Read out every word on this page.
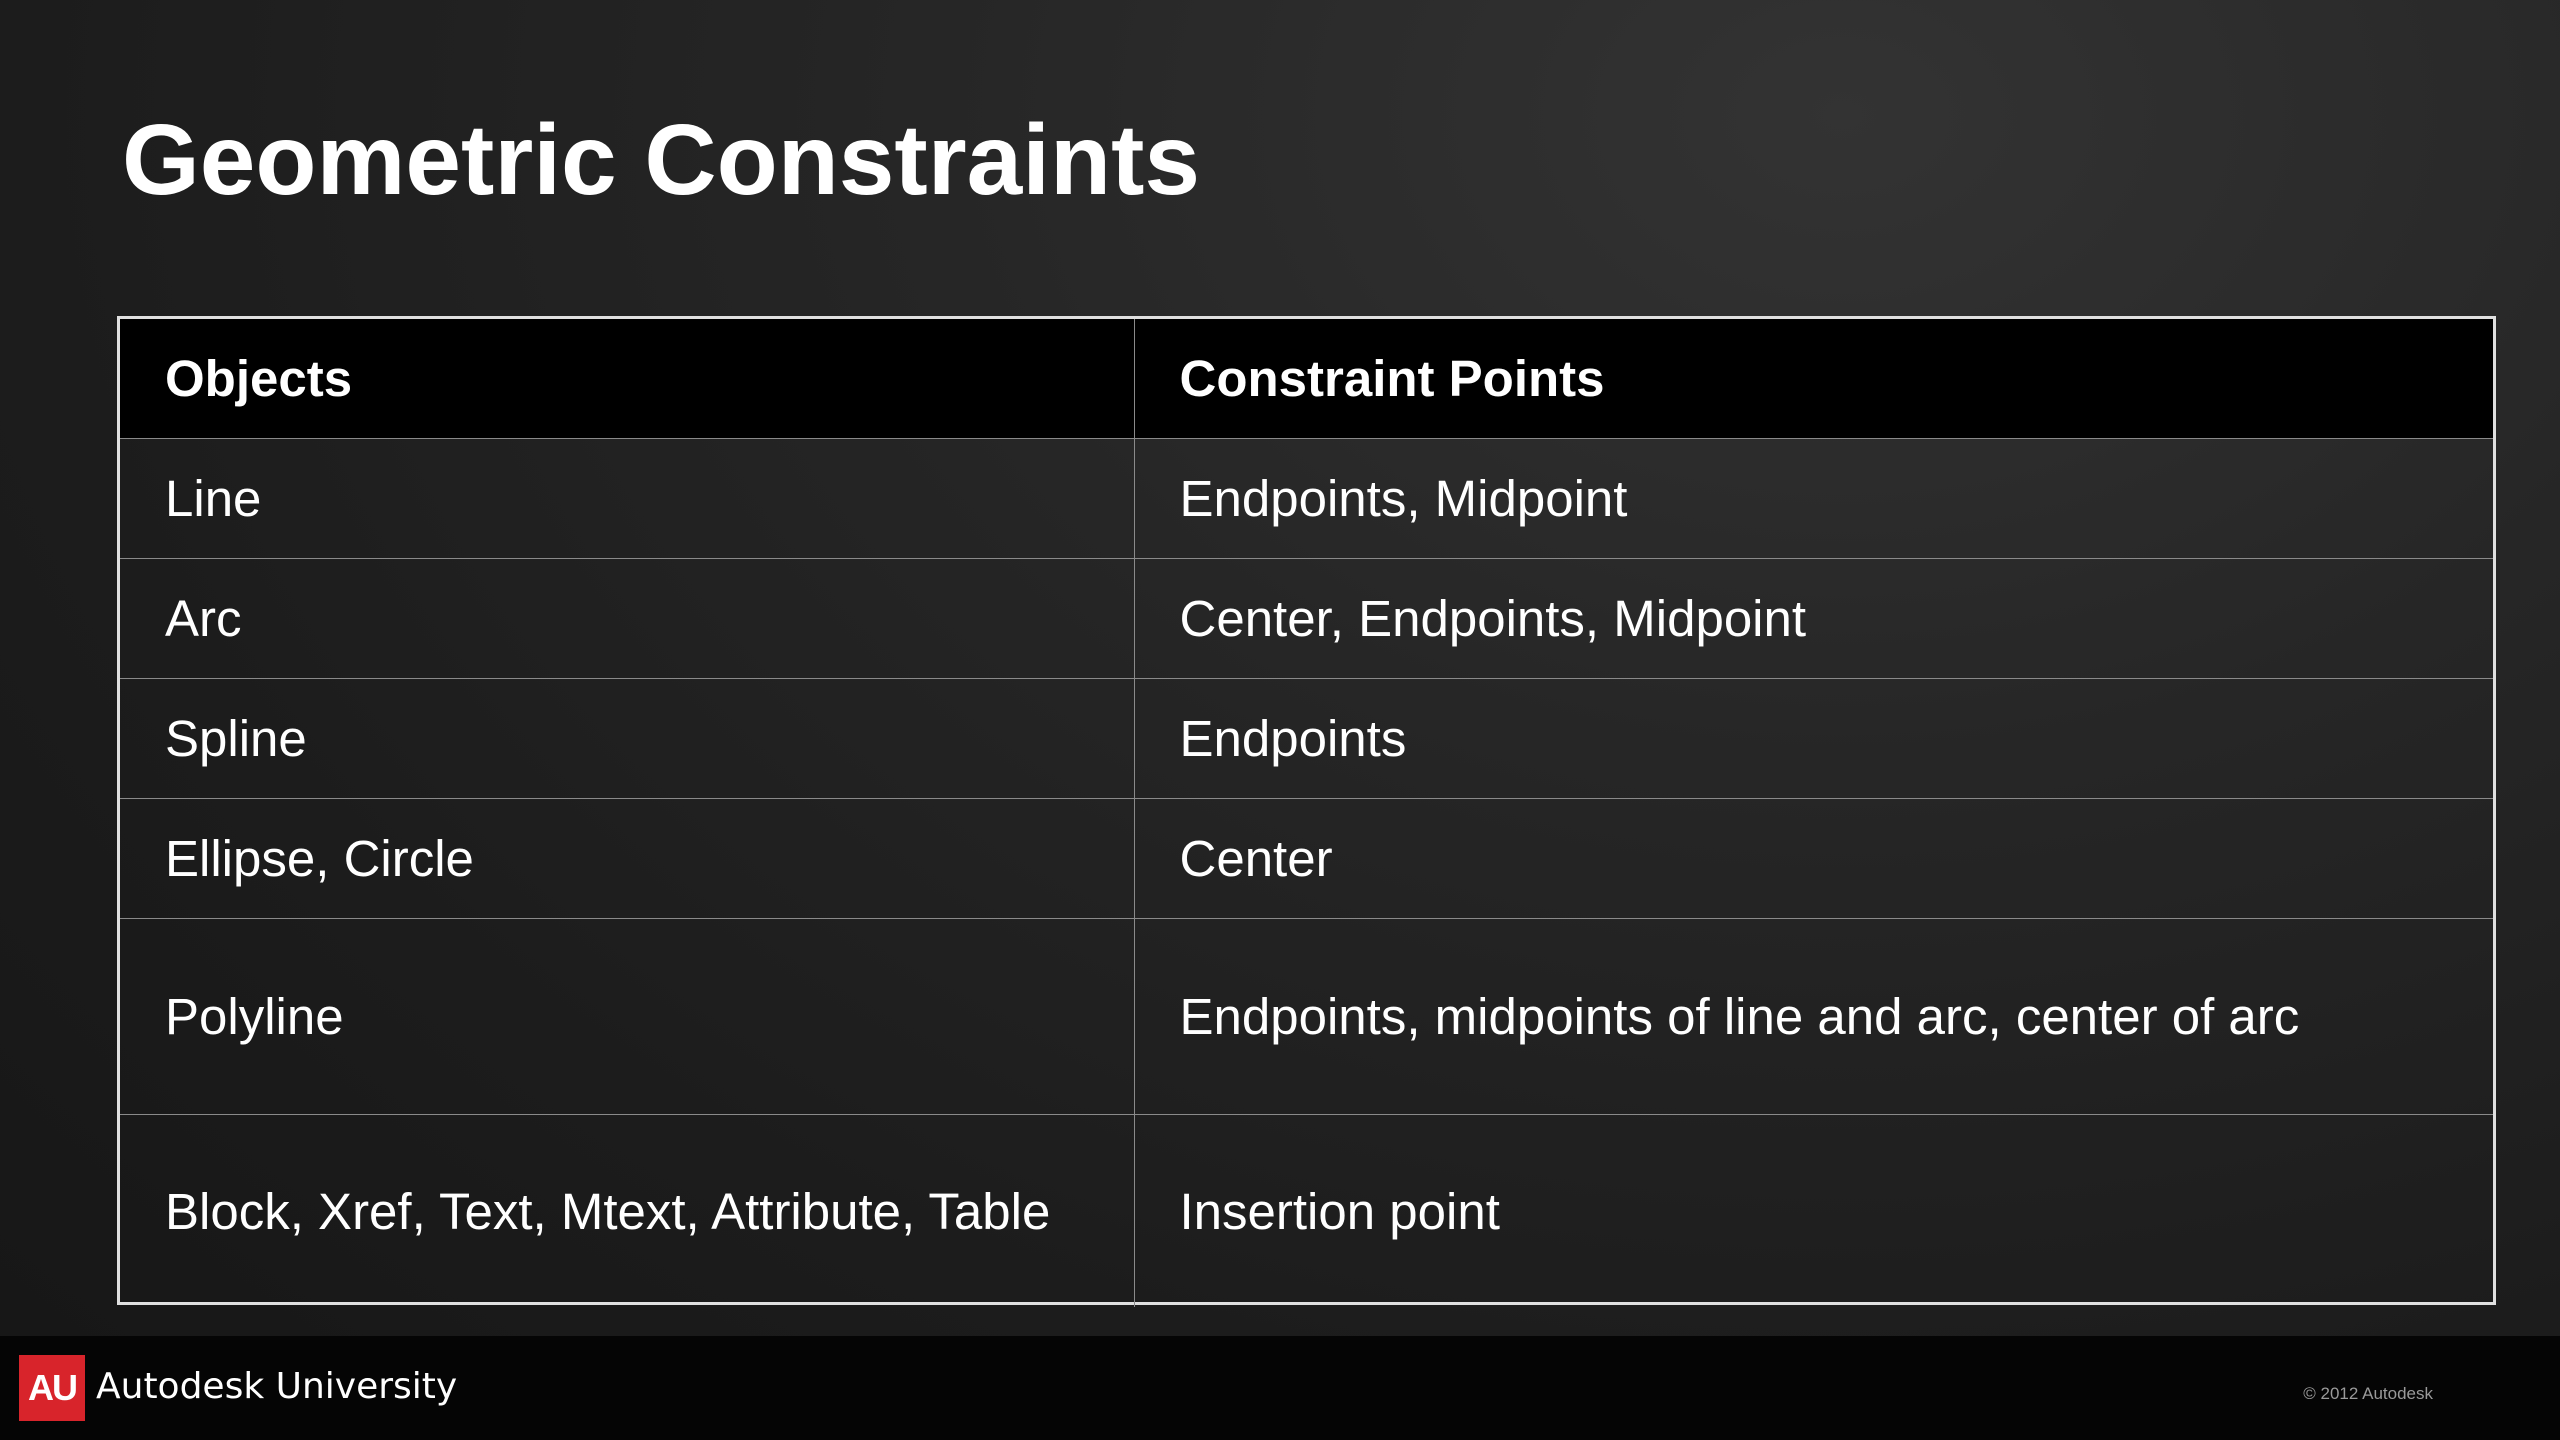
Geometric Constraints
Objects	Constraint Points
Line	Endpoints, Midpoint
Arc	Center, Endpoints, Midpoint
Spline	Endpoints
Ellipse, Circle	Center
Polyline	Endpoints, midpoints of line and arc, center of arc
Block, Xref, Text, Mtext, Attribute, Table	Insertion point
AU Autodesk University	© 2012 Autodesk
